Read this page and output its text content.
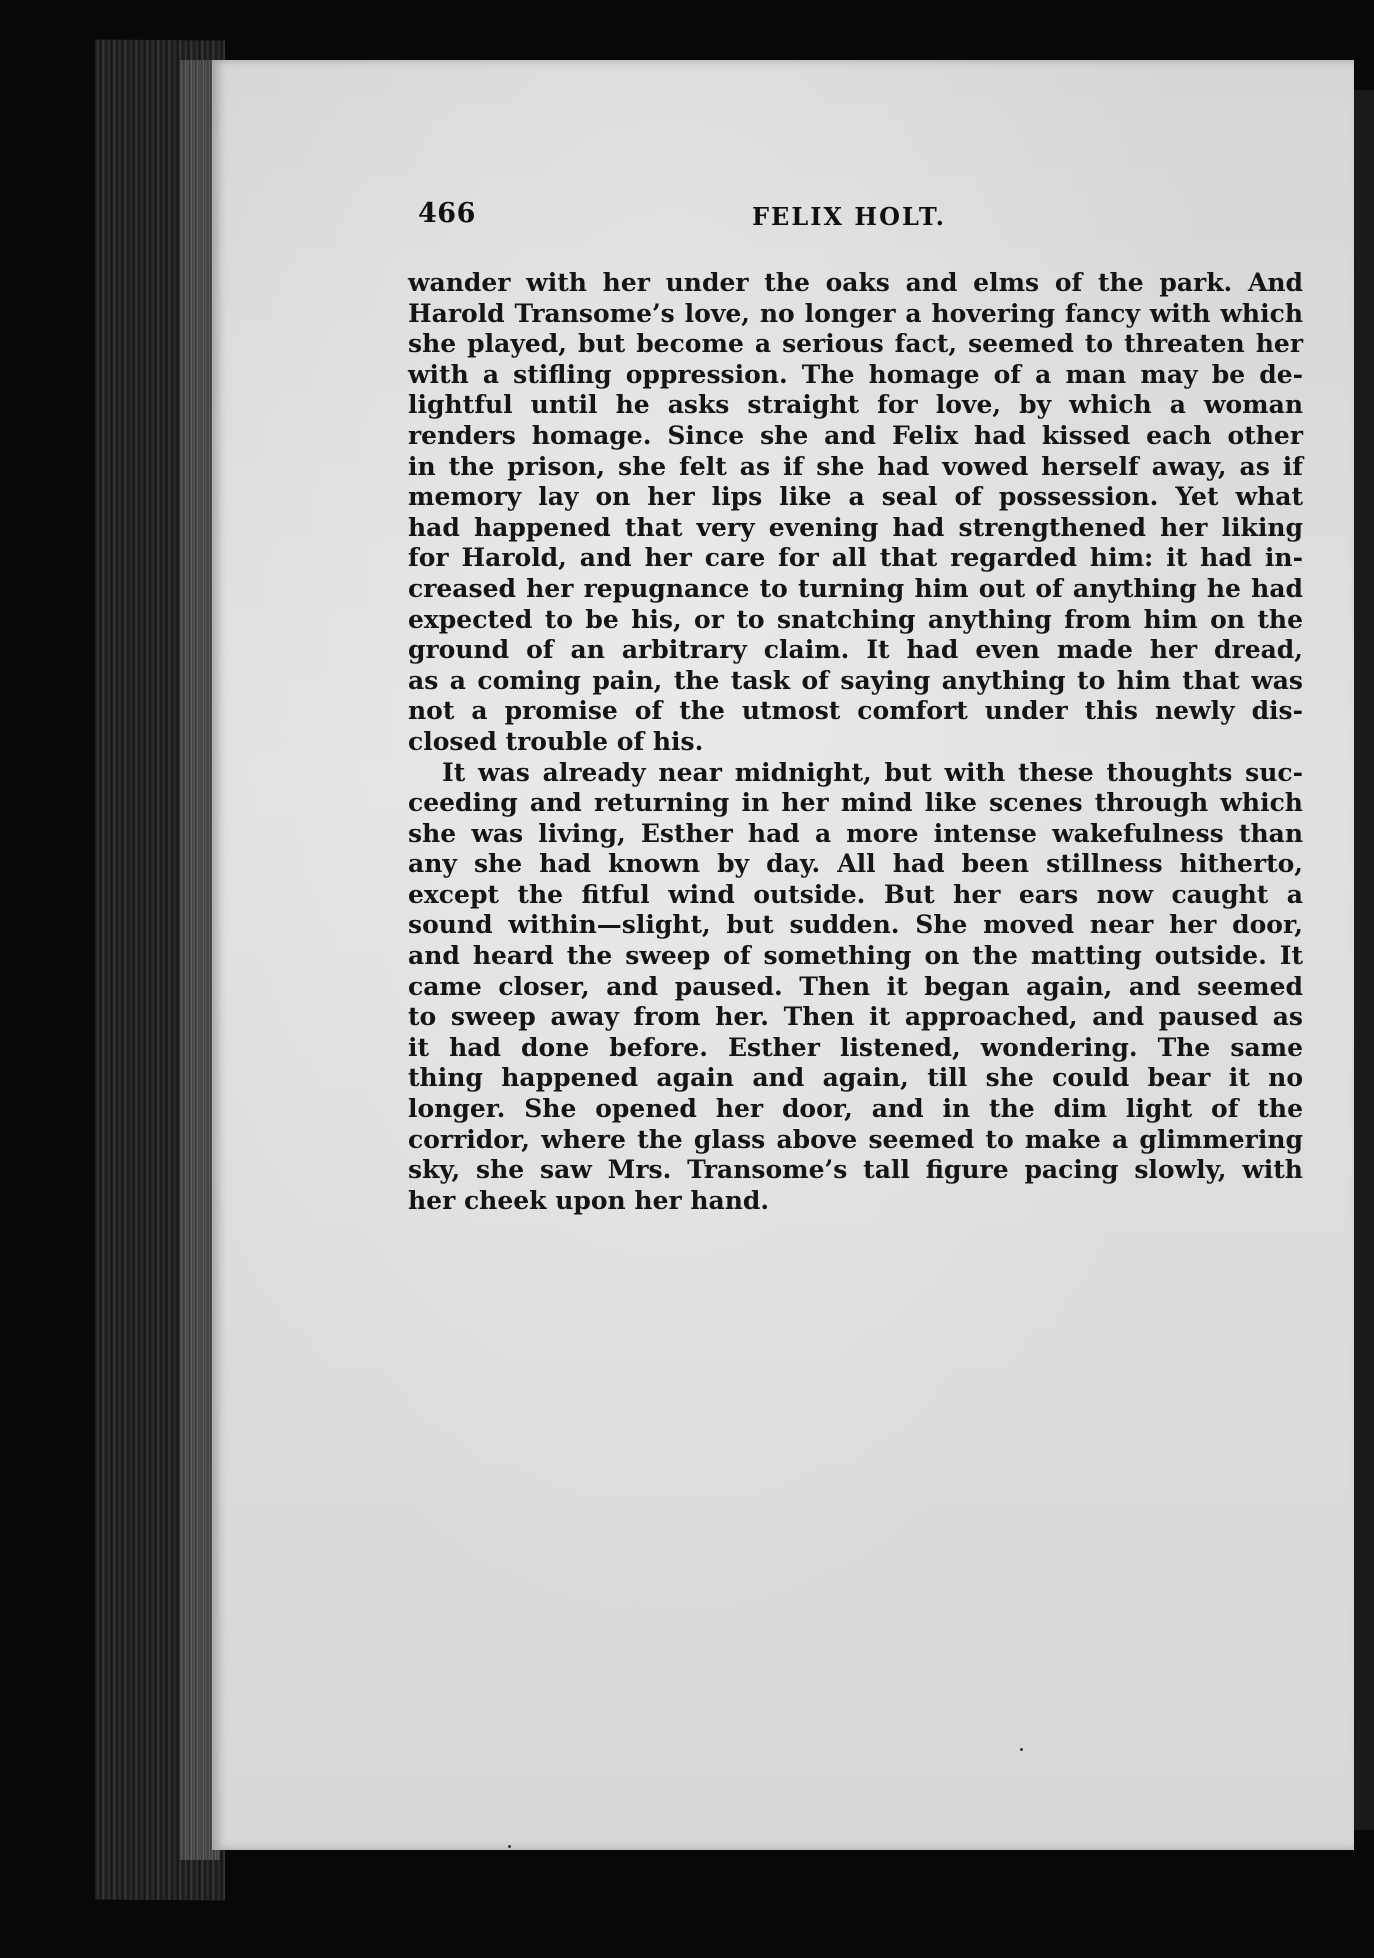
466	FELIX HOLT.
wander with her under the oaks and elms of the park. And
Harold Transome’s love, no longer a hovering fancy with which
she played, but become a serious fact, seemed to threaten her
with a stifling oppression. The homage of a man may be de-
lightful until he asks straight for love, by which a woman
renders homage. Since she and Felix had kissed each other
in the prison, she felt as if she had vowed herself away, as if
memory lay on her lips like a seal of possession. Yet what
had happened that very evening had strengthened her liking
for Harold, and her care for all that regarded him: it had in-
creased her repugnance to turning him out of anything he had
expected to be his, or to snatching anything from him on the
ground of an arbitrary claim. It had even made her dread,
as a coming pain, the task of saying anything to him that was
not a promise of the utmost comfort under this newly dis-
closed trouble of his.
It was already near midnight, but with these thoughts suc-
ceeding and returning in her mind like scenes through which
she was living, Esther had a more intense wakefulness than
any she had known by day. All had been stillness hitherto,
except the fitful wind outside. But her ears now caught a
sound within—slight, but sudden. She moved near her door,
and heard the sweep of something on the matting outside. It
came closer, and paused. Then it began again, and seemed
to sweep away from her. Then it approached, and paused as
it had done before. Esther listened, wondering. The same
thing happened again and again, till she could bear it no
longer. She opened her door, and in the dim light of the
corridor, where the glass above seemed to make a glimmering
sky, she saw Mrs. Transome’s tall figure pacing slowly, with
her cheek upon her hand.
